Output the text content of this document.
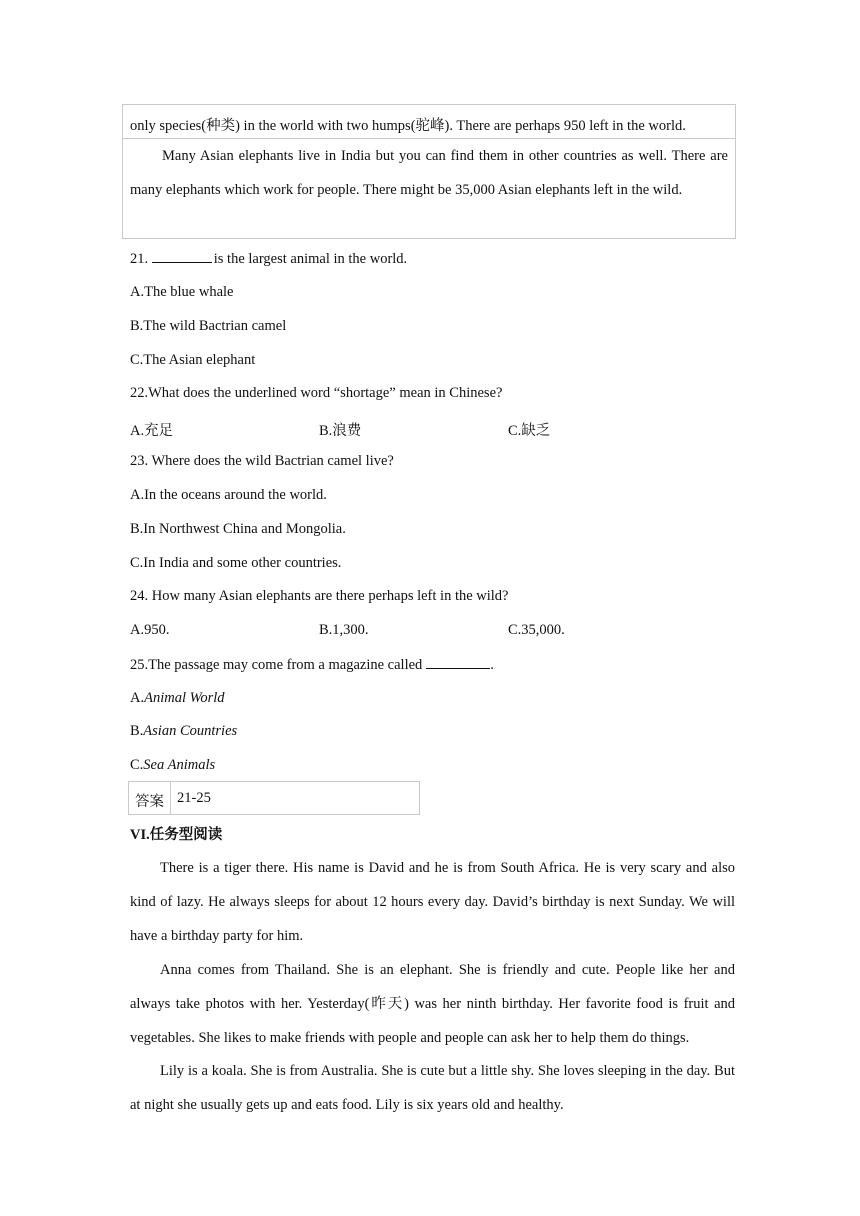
only species(种类) in the world with two humps(驼峰). There are perhaps 950 left in the world.
Many Asian elephants live in India but you can find them in other countries as well. There are many elephants which work for people. There might be 35,000 Asian elephants left in the wild.
21.	is the largest animal in the world.
A.The blue whale
B.The wild Bactrian camel
C.The Asian elephant
22.What does the underlined word “shortage” mean in Chinese?
A.充足	B.浪费	C.缺乏
23. Where does the wild Bactrian camel live?
A.In the oceans around the world.
B.In Northwest China and Mongolia.
C.In India and some other countries.
24. How many Asian elephants are there perhaps left in the wild?
A.950.	B.1,300.	C.35,000.
25.The passage may come from a magazine called	.
A.Animal World
B.Asian Countries
C.Sea Animals
答案 21-25
VI.任务型阅读
There is a tiger there. His name is David and he is from South Africa. He is very scary and also kind of lazy. He always sleeps for about 12 hours every day. David’s birthday is next Sunday. We will have a birthday party for him.
Anna comes from Thailand. She is an elephant. She is friendly and cute. People like her and always take photos with her. Yesterday(昨天) was her ninth birthday. Her favorite food is fruit and vegetables. She likes to make friends with people and people can ask her to help them do things.
Lily is a koala. She is from Australia. She is cute but a little shy. She loves sleeping in the day. But at night she usually gets up and eats food. Lily is six years old and healthy.
